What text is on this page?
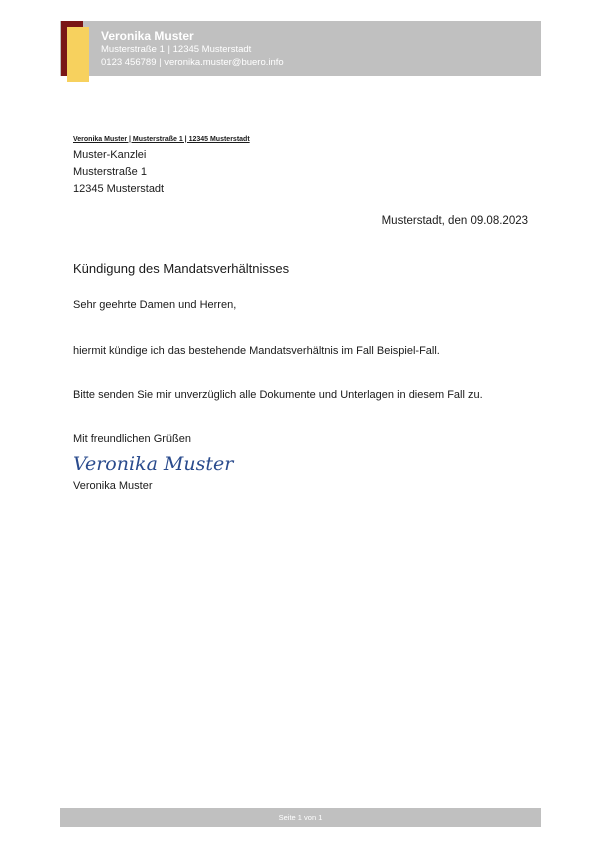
Veronika Muster
Musterstraße 1 | 12345 Musterstadt
0123 456789 | veronika.muster@buero.info
Veronika Muster | Musterstraße 1 | 12345 Musterstadt
Muster-Kanzlei
Musterstraße 1
12345 Musterstadt
Musterstadt, den 09.08.2023
Kündigung des Mandatsverhältnisses
Sehr geehrte Damen und Herren,
hiermit kündige ich das bestehende Mandatsverhältnis im Fall Beispiel-Fall.
Bitte senden Sie mir unverzüglich alle Dokumente und Unterlagen in diesem Fall zu.
Mit freundlichen Grüßen
Veronika Muster
Veronika Muster
Seite 1 von 1
